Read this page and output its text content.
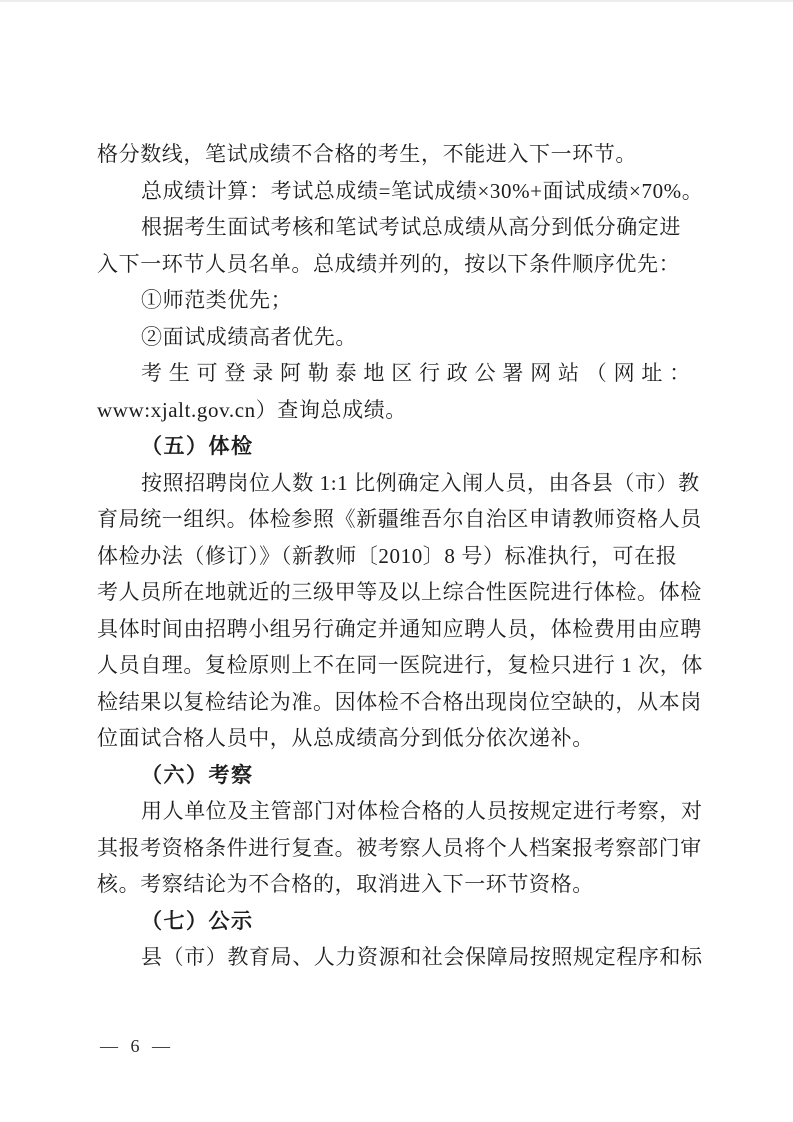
格分数线，笔试成绩不合格的考生，不能进入下一环节。
总成绩计算：考试总成绩=笔试成绩×30%+面试成绩×70%。
根据考生面试考核和笔试考试总成绩从高分到低分确定进
入下一环节人员名单。总成绩并列的，按以下条件顺序优先：
①师范类优先；
②面试成绩高者优先。
考生可登录阿勒泰地区行政公署网站（网址：
www:xjalt.gov.cn）查询总成绩。
（五）体检
按照招聘岗位人数 1:1 比例确定入闱人员，由各县（市）教
育局统一组织。体检参照《新疆维吾尔自治区申请教师资格人员
体检办法（修订）》（新教师〔2010〕8 号）标准执行，可在报
考人员所在地就近的三级甲等及以上综合性医院进行体检。体检
具体时间由招聘小组另行确定并通知应聘人员，体检费用由应聘
人员自理。复检原则上不在同一医院进行，复检只进行 1 次，体
检结果以复检结论为准。因体检不合格出现岗位空缺的，从本岗
位面试合格人员中，从总成绩高分到低分依次递补。
（六）考察
用人单位及主管部门对体检合格的人员按规定进行考察，对
其报考资格条件进行复查。被考察人员将个人档案报考察部门审
核。考察结论为不合格的，取消进入下一环节资格。
（七）公示
县（市）教育局、人力资源和社会保障局按照规定程序和标
— 6 —
